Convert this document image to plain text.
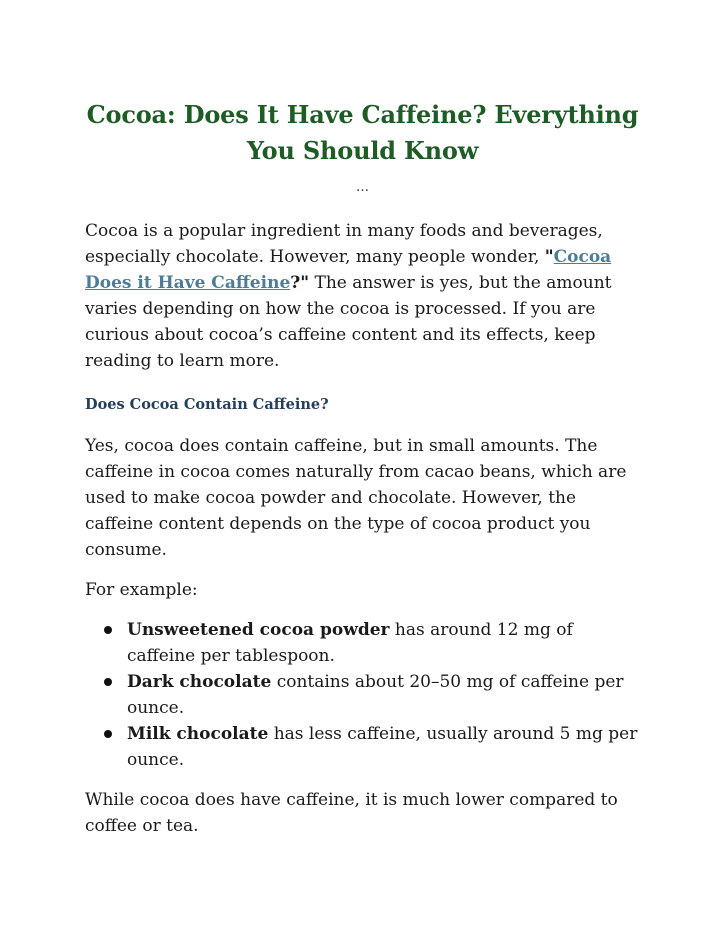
Cocoa: Does It Have Caffeine? Everything You Should Know
…

Cocoa is a popular ingredient in many foods and beverages, especially chocolate. However, many people wonder, "Cocoa Does it Have Caffeine?" The answer is yes, but the amount varies depending on how the cocoa is processed. If you are curious about cocoa’s caffeine content and its effects, keep reading to learn more.

Does Cocoa Contain Caffeine?

Yes, cocoa does contain caffeine, but in small amounts. The caffeine in cocoa comes naturally from cacao beans, which are used to make cocoa powder and chocolate. However, the caffeine content depends on the type of cocoa product you consume.

For example:

Unsweetened cocoa powder has around 12 mg of caffeine per tablespoon.
Dark chocolate contains about 20–50 mg of caffeine per ounce.
Milk chocolate has less caffeine, usually around 5 mg per ounce.

While cocoa does have caffeine, it is much lower compared to coffee or tea.
